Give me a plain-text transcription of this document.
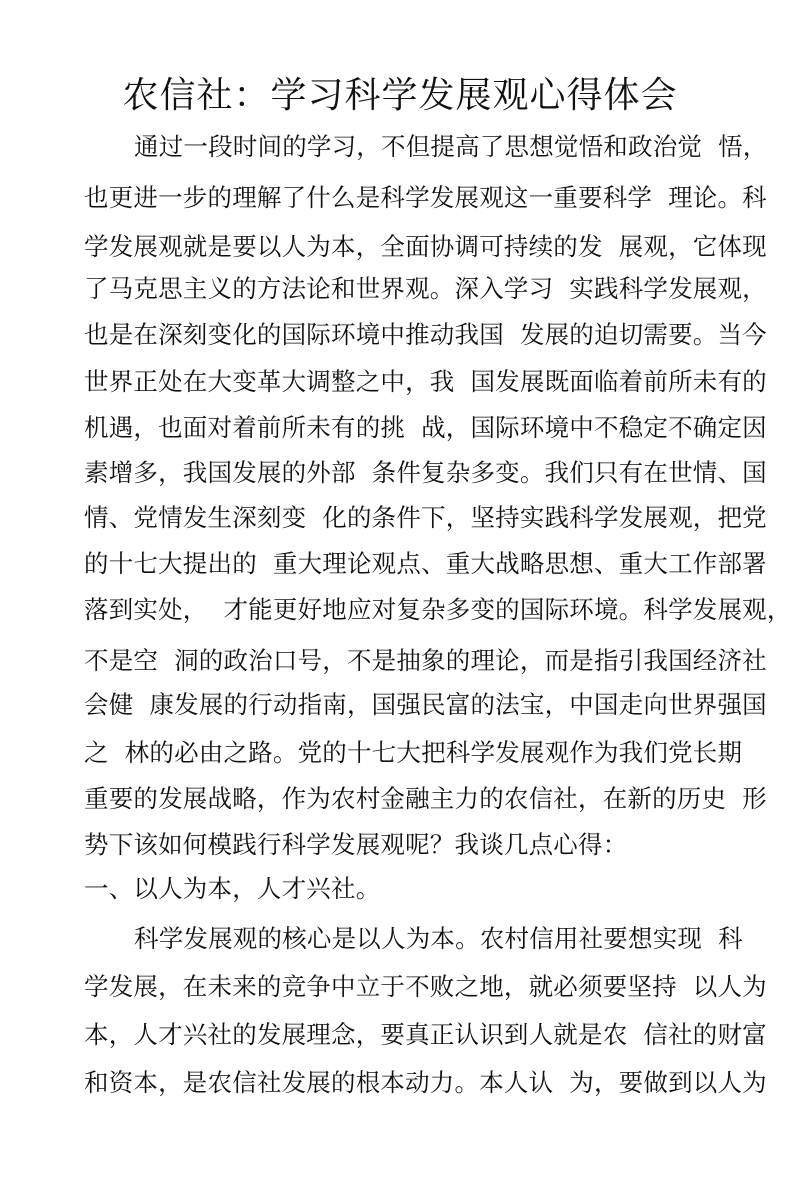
农信社：学习科学发展观心得体会
通过一段时间的学习，不但提高了思想觉悟和政治觉  悟，
也更进一步的理解了什么是科学发展观这一重要科学  理论。科
学发展观就是要以人为本，全面协调可持续的发  展观，它体现
了马克思主义的方法论和世界观。深入学习  实践科学发展观，
也是在深刻变化的国际环境中推动我国  发展的迫切需要。当今
世界正处在大变革大调整之中，我  国发展既面临着前所未有的
机遇，也面对着前所未有的挑  战，国际环境中不稳定不确定因
素增多，我国发展的外部  条件复杂多变。我们只有在世情、国
情、党情发生深刻变  化的条件下，坚持实践科学发展观，把党
的十七大提出的  重大理论观点、重大战略思想、重大工作部署
落到实处，  才能更好地应对复杂多变的国际环境。科学发展观，
不是空  洞的政治口号，不是抽象的理论，而是指引我国经济社
会健  康发展的行动指南，国强民富的法宝，中国走向世界强国
之  林的必由之路。党的十七大把科学发展观作为我们党长期
重要的发展战略，作为农村金融主力的农信社，在新的历史  形
势下该如何模践行科学发展观呢？我谈几点心得：
一、以人为本，人才兴社。
科学发展观的核心是以人为本。农村信用社要想实现  科
学发展，在未来的竞争中立于不败之地，就必须要坚持  以人为
本，人才兴社的发展理念，要真正认识到人就是农  信社的财富
和资本，是农信社发展的根本动力。本人认  为，要做到以人为
